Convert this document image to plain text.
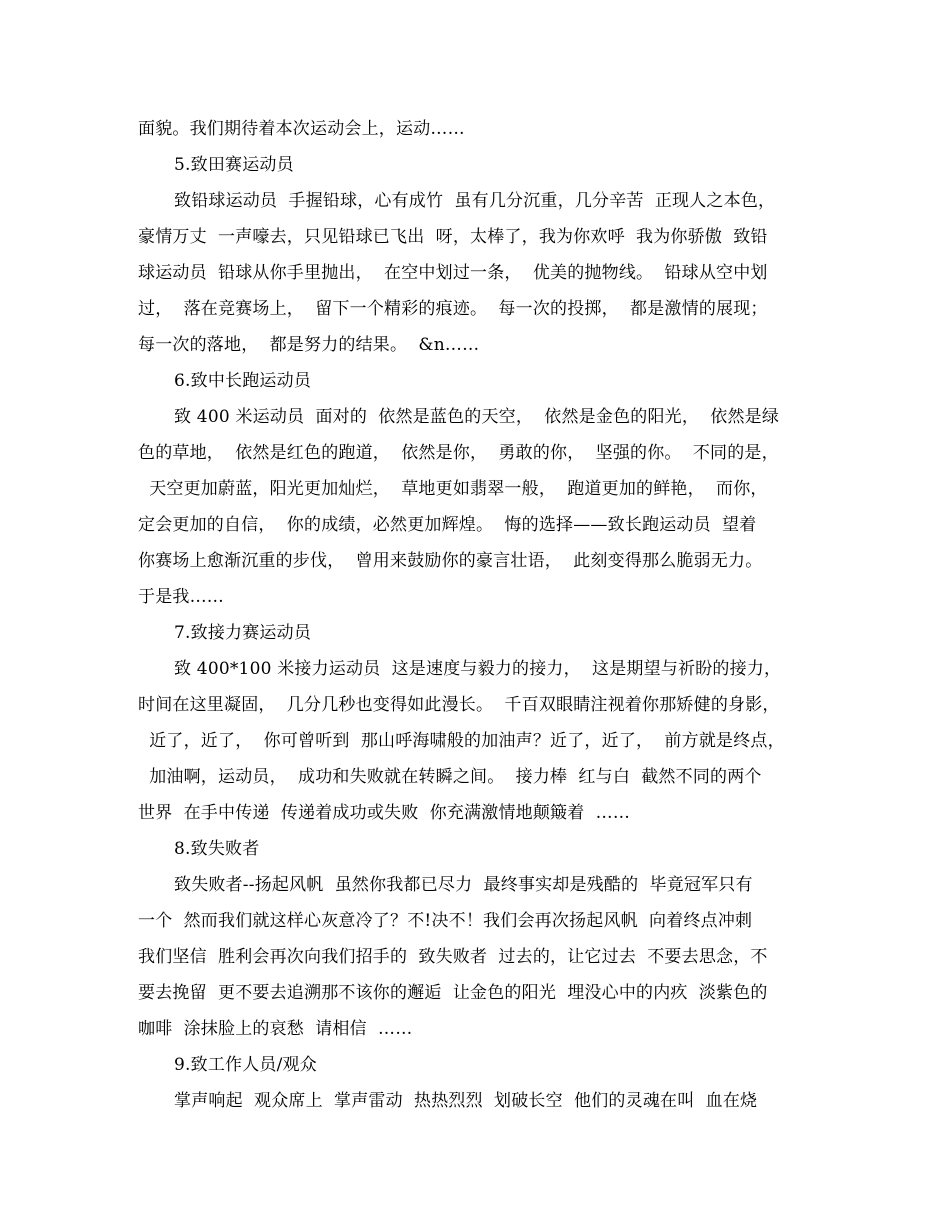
面貌。我们期待着本次运动会上，运动……
5.致田赛运动员
致铅球运动员  手握铅球，心有成竹  虽有几分沉重，几分辛苦  正现人之本色，
豪情万丈  一声嚎去，只见铅球已飞出  呀，太棒了，我为你欢呼  我为你骄傲  致铅
球运动员  铅球从你手里抛出，  在空中划过一条，  优美的抛物线。  铅球从空中划
过，  落在竞赛场上，  留下一个精彩的痕迹。  每一次的投掷，  都是激情的展现；
每一次的落地，  都是努力的结果。  &n……
6.致中长跑运动员
致 400 米运动员  面对的  依然是蓝色的天空，  依然是金色的阳光，  依然是绿
色的草地，  依然是红色的跑道，  依然是你，  勇敢的你，  坚强的你。  不同的是，
天空更加蔚蓝，阳光更加灿烂，  草地更如翡翠一般，  跑道更加的鲜艳，  而你，
定会更加的自信，  你的成绩，必然更加辉煌。  悔的选择——致长跑运动员  望着
你赛场上愈渐沉重的步伐，  曾用来鼓励你的豪言壮语，  此刻变得那么脆弱无力。
于是我……
7.致接力赛运动员
致 400*100 米接力运动员  这是速度与毅力的接力，  这是期望与祈盼的接力，
时间在这里凝固，  几分几秒也变得如此漫长。  千百双眼睛注视着你那矫健的身影，
近了，近了，  你可曾听到  那山呼海啸般的加油声？近了，近了，  前方就是终点，
加油啊，运动员，  成功和失败就在转瞬之间。  接力棒  红与白  截然不同的两个
世界  在手中传递  传递着成功或失败  你充满激情地颠簸着  ……
8.致失败者
致失败者--扬起风帆  虽然你我都已尽力  最终事实却是残酷的  毕竟冠军只有
一个  然而我们就这样心灰意冷了？不!决不！我们会再次扬起风帆  向着终点冲刺
我们坚信  胜利会再次向我们招手的  致失败者  过去的，让它过去  不要去思念，不
要去挽留  更不要去追溯那不该你的邂逅  让金色的阳光  埋没心中的内疚  淡紫色的
咖啡  涂抹脸上的哀愁  请相信  ……
9.致工作人员/观众
掌声响起  观众席上  掌声雷动  热热烈烈  划破长空  他们的灵魂在叫  血在烧
